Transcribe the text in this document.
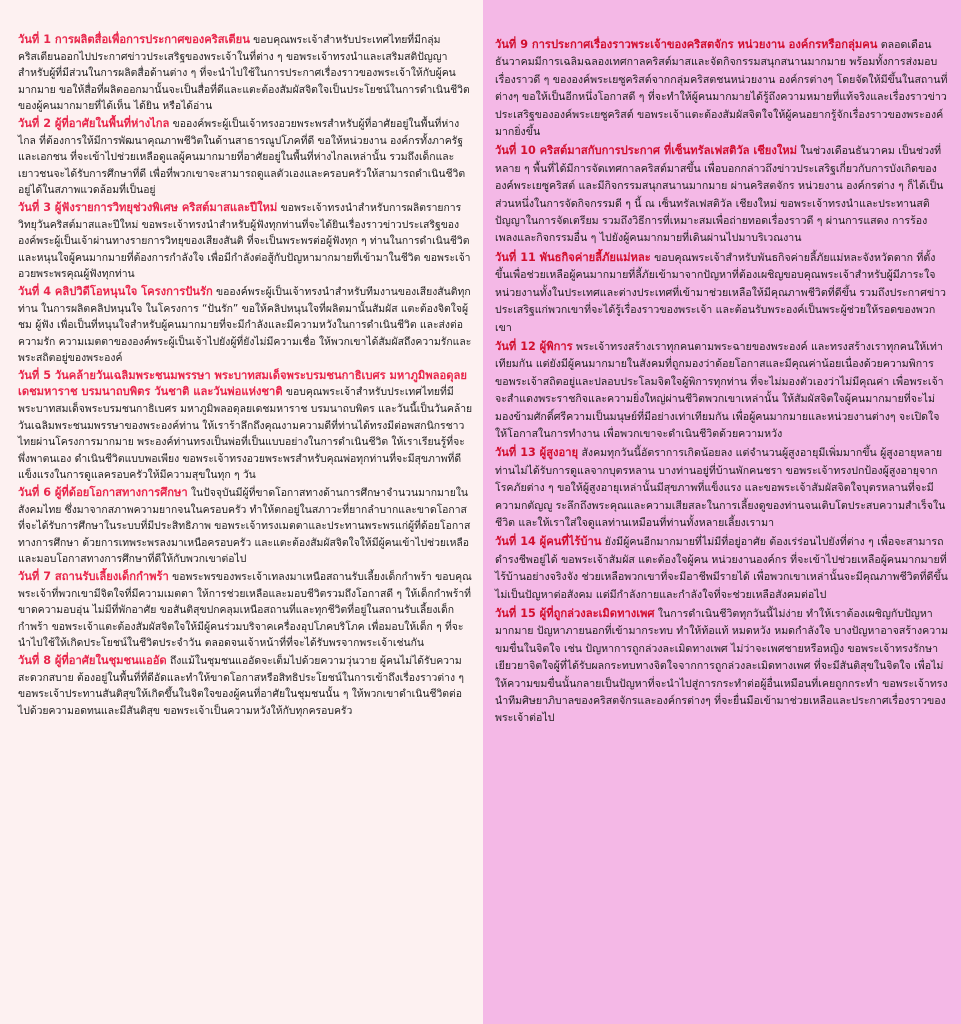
วันที่ 1 การผลิตสื่อเพื่อการประกาศของคริสเตียน ขอบคุณพระเจ้าสำหรับประเทศไทยที่มีกลุ่มคริสเตียนออกไปประกาศข่าวประเสริฐของพระเจ้าในที่ต่าง ๆ ขอพระเจ้าทรงนำและเสริมสติปัญญาสำหรับผู้ที่มีส่วนในการผลิตสื่อด้านต่าง ๆ ที่จะนำไปใช้ในการประกาศเรื่องราวของพระเจ้าให้กับผู้คนมากมาย ขอให้สื่อที่ผลิตออกมานั้นจะเป็นสื่อที่ดีและแตะต้องสัมผัสจิตใจเป็นประโยชน์ในการดำเนินชีวิตของผู้คนมากมายที่ได้เห็น ได้ยิน หรือได้อ่าน

วันที่ 2 ผู้ที่อาศัยในพื้นที่ห่างไกล ขอองค์พระผู้เป็นเจ้าทรงอวยพระพรสำหรับผู้ที่อาศัยอยู่ในพื้นที่ห่างไกล ที่ต้องการให้มีการพัฒนาคุณภาพชีวิตในด้านสาธารณูปโภคที่ดี ขอให้หน่วยงาน องค์กรทั้งภาครัฐและเอกชน ที่จะเข้าไปช่วยเหลือดูแลผู้คนมากมายที่อาศัยอยู่ในพื้นที่ห่างไกลเหล่านั้น รวมถึงเด็กและเยาวชนจะได้รับการศึกษาที่ดี เพื่อที่พวกเขาจะสามารถดูแลตัวเองและครอบครัวให้สามารถดำเนินชีวิตอยู่ได้ในสภาพแวดล้อมที่เป็นอยู่

วันที่ 3 ผู้ฟังรายการวิทยุช่วงพิเศษ คริสต์มาสและปีใหม่ ขอพระเจ้าทรงนำสำหรับการผลิตรายการวิทยุวันคริสต์มาสและปีใหม่ ขอพระเจ้าทรงนำสำหรับผู้ฟังทุกท่านที่จะได้ยินเรื่องราวข่าวประเสริฐขององค์พระผู้เป็นเจ้าผ่านทางรายการวิทยุของเสียงสันติ ที่จะเป็นพระพรต่อผู้ฟังทุก ๆ ท่านในการดำเนินชีวิต และหนุนใจผู้คนมากมายที่ต้องการกำลังใจ เพื่อมีกำลังต่อสู้กับปัญหามากมายที่เข้ามาในชีวิต ขอพระเจ้าอวยพระพรคุณผู้ฟังทุกท่าน

วันที่ 4 คลิปวิดีโอหนุนใจ โครงการปันรัก ขอองค์พระผู้เป็นเจ้าทรงนำสำหรับทีมงานของเสียงสันติทุกท่าน ในการผลิตคลิปหนุนใจ ในโครงการ “ปันรัก” ขอให้คลิปหนุนใจที่ผลิตมานั้นสัมผัส แตะต้องจิตใจผู้ชม ผู้ฟัง เพื่อเป็นที่หนุนใจสำหรับผู้คนมากมายที่จะมีกำลังและมีความหวังในการดำเนินชีวิต และส่งต่อความรัก ความเมตตาขององค์พระผู้เป็นเจ้าไปยังผู้ที่ยังไม่มีความเชื่อ ให้พวกเขาได้สัมผัสถึงความรักและพระสถิตอยู่ของพระองค์

วันที่ 5 วันคล้ายวันเฉลิมพระชนมพรรษา พระบาทสมเด็จพระบรมชนกาธิเบศร มหาภูมิพลอดุลยเดชมหาราช บรมนาถบพิตร วันชาติ และวันพ่อแห่งชาติ ขอบคุณพระเจ้าสำหรับประเทศไทยที่มี พระบาทสมเด็จพระบรมชนกาธิเบศร มหาภูมิพลอดุลยเดชมหาราช บรมนาถบพิตร และวันนี้เป็นวันคล้ายวันเฉลิมพระชนมพรรษาของพระองค์ท่าน ให้เราร้าลึกถึงคุณงามความดีที่ท่านได้ทรงมีต่อพสกนิกรชาวไทยผ่านโครงการมากมาย พระองค์ท่านทรงเป็นพ่อที่เป็นแบบอย่างในการดำเนินชีวิต ให้เราเรียนรู้ที่จะพึ่งพาตนเอง ดำเนินชีวิตแบบพอเพียง ขอพระเจ้าทรงอวยพระพรสำหรับคุณพ่อทุกท่านที่จะมีสุขภาพที่ดี แข็งแรงในการดูแลครอบครัวให้มีความสุขในทุก ๆ วัน

วันที่ 6 ผู้ที่ด้อยโอกาสทางการศึกษา ในปัจจุบันมีผู้ที่ขาดโอกาสทางด้านการศึกษาจำนวนมากมายในสังคมไทย ซึ่งมาจากสภาพความยากจนในครอบครัว ทำให้ตกอยู่ในสภาวะที่ยากลำบากและขาดโอกาสที่จะได้รับการศึกษาในระบบที่มีประสิทธิภาพ ขอพระเจ้าทรงเมตตาและประทานพระพรแก่ผู้ที่ด้อยโอกาสทางการศึกษา ด้วยการเทพระพรลงมาเหนือครอบครัว และแตะต้องสัมผัสจิตใจให้มีผู้คนเข้าไปช่วยเหลือและมอบโอกาสทางการศึกษาที่ดีให้กับพวกเขาต่อไป

วันที่ 7 สถานรับเลี้ยงเด็กกำพร้า ขอพระพรของพระเจ้าเทลงมาเหนือสถานรับเลี้ยงเด็กกำพร้า ขอบคุณพระเจ้าที่พวกเขามีจิตใจที่มีความเมตตา ให้การช่วยเหลือและมอบชีวิตรวมถึงโอกาสดี ๆ ให้เด็กกำพร้าที่ขาดความอบอุ่น ไม่มีที่พักอาศัย ขอสันติสุขปกคลุมเหนือสถานที่และทุกชีวิตที่อยู่ในสถานรับเลี้ยงเด็กกำพร้า ขอพระเจ้าแตะต้องสัมผัสจิตใจให้มีผู้คนร่วมบริจาคเครื่องอุปโภคบริโภค เพื่อมอบให้เด็ก ๆ ที่จะนำไปใช้ให้เกิดประโยชน์ในชีวิตประจำวัน ตลอดจนเจ้าหน้าที่ที่จะได้รับพรจากพระเจ้าเช่นกัน

วันที่ 8 ผู้ที่อาศัยในชุมชนแออัด ถึงแม้ในชุมชนแออัดจะเต็มไปด้วยความวุ่นวาย ผู้คนไม่ได้รับความสะดวกสบาย ต้องอยู่ในพื้นที่ที่ดีอัดและทำให้ขาดโอกาสหรือสิทธิประโยชน์ในการเข้าถึงเรื่องราวต่าง ๆ ขอพระเจ้าประทานสันติสุขให้เกิดขึ้นในจิตใจของผู้คนที่อาศัยในชุมชนนั้น ๆ ให้พวกเขาดำเนินชีวิตต่อไปด้วยความอดทนและมีสันติสุข ขอพระเจ้าเป็นความหวังให้กับทุกครอบครัว

วันที่ 9 การประกาศเรื่องราวพระเจ้าของคริสตจักร หน่วยงาน องค์กรหรือกลุ่มคน ตลอดเดือนธันวาคมมีการเฉลิมฉลองเทศกาลคริสต์มาสและจัดกิจกรรมสนุกสนานมากมาย พร้อมทั้งการส่งมอบเรื่องราวดี ๆ ขององค์พระเยซูคริสต์จากกลุ่มคริสตชนหน่วยงาน องค์กรต่างๆ โดยจัดให้มีขึ้นในสถานที่ต่างๆ ขอให้เป็นอีกหนึ่งโอกาสดี ๆ ที่จะทำให้ผู้คนมากมายได้รู้ถึงความหมายที่แท้จริงและเรื่องราวข่าวประเสริฐขององค์พระเยซูคริสต์ ขอพระเจ้าแตะต้องสัมผัสจิตใจให้ผู้คนอยากรู้จักเรื่องราวของพระองค์มากยิ่งขึ้น

วันที่ 10 คริสต์มาสกับการประกาศ ที่เซ็นทรัลเฟสติวัล เชียงใหม่ ในช่วงเดือนธันวาคม เป็นช่วงที่หลาย ๆ พื้นที่ได้มีการจัดเทศกาลคริสต์มาสขึ้น เพื่อบอกกล่าวถึงข่าวประเสริฐเกี่ยวกับการบังเกิดขององค์พระเยซูคริสต์ และมีกิจกรรมสนุกสนานมากมาย ผ่านคริสตจักร หน่วยงาน องค์กรต่าง ๆ ก็ได้เป็นส่วนหนึ่งในการจัดกิจกรรมดี ๆ นี้ ณ เซ็นทรัลเฟสติวัล เชียงใหม่ ขอพระเจ้าทรงนำและประทานสติปัญญาในการจัดเตรียม รวมถึงวิธีการที่เหมาะสมเพื่อถ่ายทอดเรื่องราวดี ๆ ผ่านการแสดง การร้องเพลงและกิจกรรมอื่น ๆ ไปยังผู้คนมากมายที่เดินผ่านไปมาบริเวณงาน

วันที่ 11 พันธกิจค่ายลี้ภัยแม่หละ ขอบคุณพระเจ้าสำหรับพันธกิจค่ายลี้ภัยแม่หละจังหวัดตาก ที่ตั้งขึ้นเพื่อช่วยเหลือผู้คนมากมายที่ลี้ภัยเข้ามาจากปัญหาที่ต้องเผชิญขอบคุณพระเจ้าสำหรับผู้มีภาระใจ หน่วยงานทั้งในประเทศและต่างประเทศที่เข้ามาช่วยเหลือให้มีคุณภาพชีวิตที่ดีขึ้น รวมถึงประกาศข่าวประเสริฐแก่พวกเขาที่จะได้รู้เรื่องราวของพระเจ้า และต้อนรับพระองค์เป็นพระผู้ช่วยให้รอดของพวกเขา

วันที่ 12 ผู้พิการ พระเจ้าทรงสร้างเราทุกคนตามพระฉายของพระองค์ และทรงสร้างเราทุกคนให้เท่าเทียมกัน แต่ยังมีผู้คนมากมายในสังคมที่ถูกมองว่าด้อยโอกาสและมีคุณค่าน้อยเนื่องด้วยความพิการ ขอพระเจ้าสถิตอยู่และปลอบประโลมจิตใจผู้พิการทุกท่าน ที่จะไม่มองตัวเองว่าไม่มีคุณค่า เพื่อพระเจ้าจะสำแดงพระราชกิจและความยิ่งใหญ่ผ่านชีวิตพวกเขาเหล่านั้น ให้สัมผัสจิตใจผู้คนมากมายที่จะไม่มองข้ามศักดิ์ศรีความเป็นมนุษย์ที่มีอย่างเท่าเทียมกัน เพื่อผู้คนมากมายและหน่วยงานต่างๆ จะเปิดใจ ให้โอกาสในการทำงาน เพื่อพวกเขาจะดำเนินชีวิตด้วยความหวัง

วันที่ 13 ผู้สูงอายุ สังคมทุกวันนี้อัตราการเกิดน้อยลง แต่จำนวนผู้สูงอายุมีเพิ่มมากขึ้น ผู้สูงอายุหลายท่านไม่ได้รับการดูแลจากบุตรหลาน บางท่านอยู่ที่บ้านพักคนชรา ขอพระเจ้าทรงปกป้องผู้สูงอายุจากโรคภัยต่าง ๆ ขอให้ผู้สูงอายุเหล่านั้นมีสุขภาพที่แข็งแรง และขอพระเจ้าสัมผัสจิตใจบุตรหลานที่จะมีความกตัญญู ระลึกถึงพระคุณและความเสียสละในการเลี้ยงดูของท่านจนเติบโตประสบความสำเร็จในชีวิต และให้เราใส่ใจดูแลท่านเหมือนที่ท่านทั้งหลายเลี้ยงเรามา

วันที่ 14 ผู้คนที่ไร้บ้าน ยังมีผู้คนอีกมากมายที่ไม่มีที่อยู่อาศัย ต้องเร่ร่อนไปยังที่ต่าง ๆ เพื่อจะสามารถดำรงชีพอยู่ได้ ขอพระเจ้าสัมผัส แตะต้องใจผู้คน หน่วยงานองค์กร ที่จะเข้าไปช่วยเหลือผู้คนมากมายที่ไร้บ้านอย่างจริงจัง ช่วยเหลือพวกเขาที่จะมีอาชีพมีรายได้ เพื่อพวกเขาเหล่านั้นจะมีคุณภาพชีวิตที่ดีขึ้น ไม่เป็นปัญหาต่อสังคม แต่มีกำลังกายและกำลังใจที่จะช่วยเหลือสังคมต่อไป

วันที่ 15 ผู้ที่ถูกล่วงละเมิดทางเพศ ในการดำเนินชีวิตทุกวันนี้ไม่ง่าย ทำให้เราต้องเผชิญกับปัญหามากมาย ปัญหาภายนอกที่เข้ามากระทบ ทำให้ท้อแท้ หมดหวัง หมดกำลังใจ บางปัญหาอาจสร้างความขมขื่นในจิตใจ เช่น ปัญหาการถูกล่วงละเมิดทางเพศ ไม่ว่าจะเพศชายหรือหญิง ขอพระเจ้าทรงรักษาเยียวยาจิตใจผู้ที่ได้รับผลกระทบทางจิตใจจากการถูกล่วงละเมิดทางเพศ ที่จะมีสันติสุขในจิตใจ เพื่อไม่ให้ความขมขื่นนั้นกลายเป็นปัญหาที่จะนำไปสู่การกระทำต่อผู้อื่นเหมือนที่เคยถูกกระทำ ขอพระเจ้าทรงนำทีมศิษยาภิบาลของคริสตจักรและองค์กรต่างๆ ที่จะยื่นมือเข้ามาช่วยเหลือและประกาศเรื่องราวของพระเจ้าต่อไป
